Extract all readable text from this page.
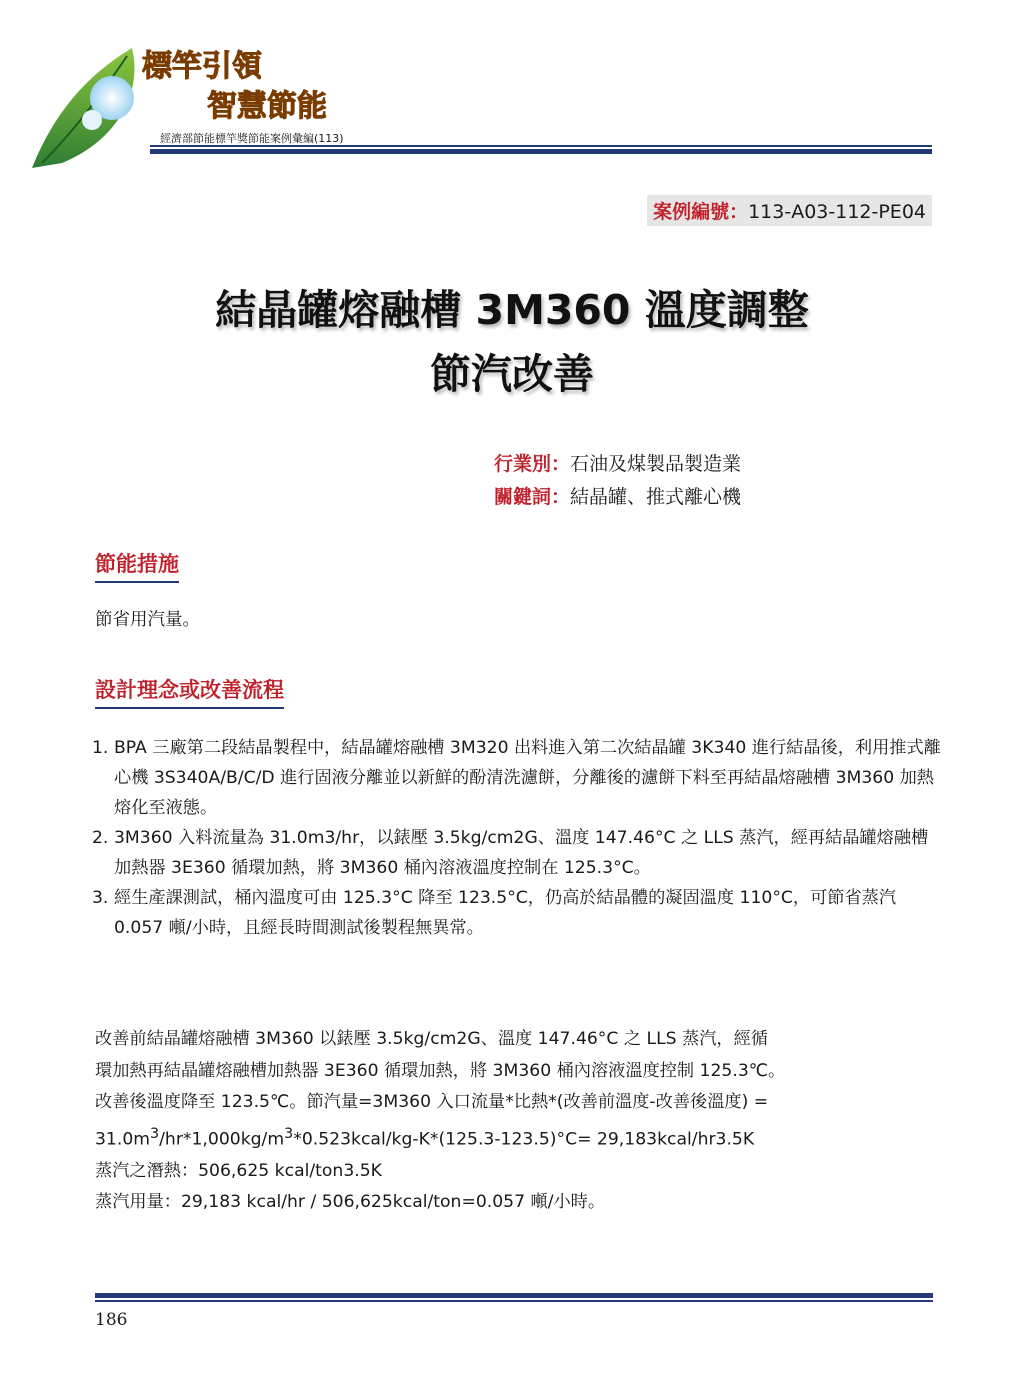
標竿引領
智慧節能
經濟部節能標竿獎節能案例彙編(113)
案例編號：113-A03-112-PE04
結晶罐熔融槽 3M360 溫度調整
節汽改善
行業別：石油及煤製品製造業
關鍵詞：結晶罐、推式離心機
節能措施
節省用汽量。
設計理念或改善流程
1. BPA 三廠第二段結晶製程中，結晶罐熔融槽 3M320 出料進入第二次結晶罐 3K340 進行結晶後，利用推式離心機 3S340A/B/C/D 進行固液分離並以新鮮的酚清洗濾餅，分離後的濾餅下料至再結晶熔融槽 3M360 加熱熔化至液態。
2. 3M360 入料流量為 31.0m3/hr，以錶壓 3.5kg/cm2G、溫度 147.46°C 之 LLS 蒸汽，經再結晶罐熔融槽加熱器 3E360 循環加熱，將 3M360 桶內溶液溫度控制在 125.3°C。
3. 經生產課測試，桶內溫度可由 125.3°C 降至 123.5°C，仍高於結晶體的凝固溫度 110°C，可節省蒸汽 0.057 噸/小時，且經長時間測試後製程無異常。
改善前結晶罐熔融槽 3M360 以錶壓 3.5kg/cm2G、溫度 147.46°C 之 LLS 蒸汽，經循
環加熱再結晶罐熔融槽加熱器 3E360 循環加熱，將 3M360 桶內溶液溫度控制 125.3℃。
改善後溫度降至 123.5℃。節汽量=3M360 入口流量*比熱*(改善前溫度-改善後溫度) =
$31.0m^3/hr*1,000kg/m^3*0.523kcal/kg-K*(125.3-123.5)^\circ C=$ 29,183kcal/hr3.5K
蒸汽之潛熱：506,625 kcal/ton3.5K
蒸汽用量：29,183 kcal/hr / 506,625kcal/ton=0.057 噸/小時。
186
